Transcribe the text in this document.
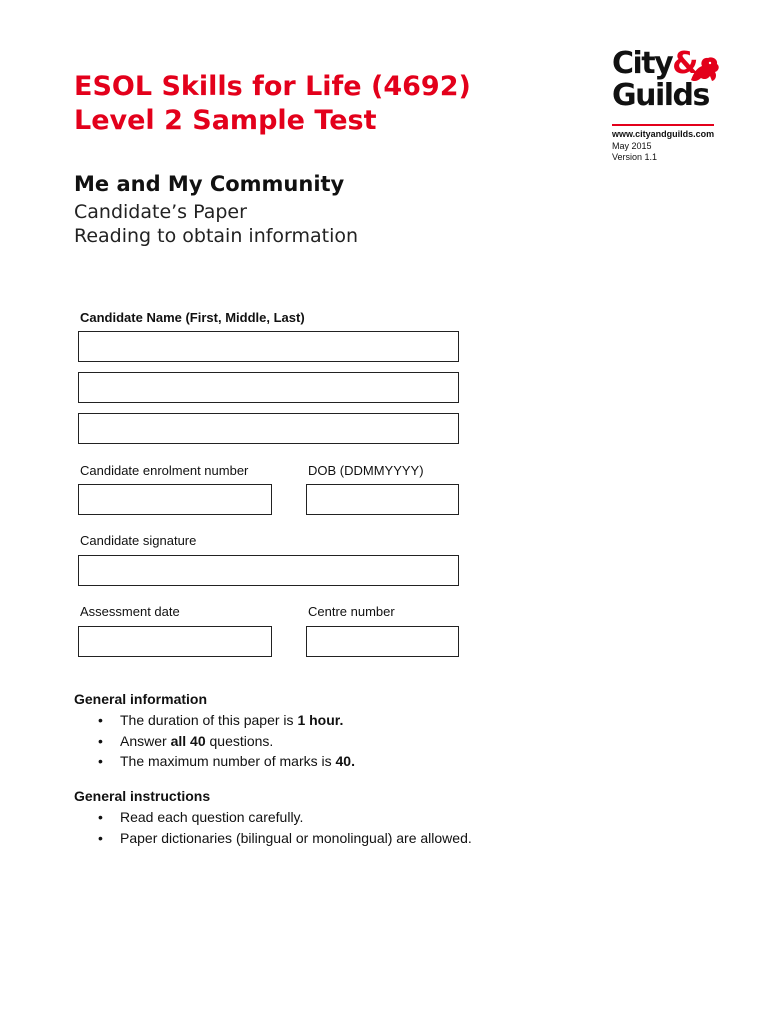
ESOL Skills for Life (4692)
Level 2 Sample Test
City&
Guilds
www.cityandguilds.com
May 2015
Version 1.1
Me and My Community
Candidate’s Paper
Reading to obtain information
Candidate Name (First, Middle, Last)
Candidate enrolment number	DOB (DDMMYYYY)
Candidate signature
Assessment date	Centre number
General information
• The duration of this paper is 1 hour.
• Answer all 40 questions.
• The maximum number of marks is 40.
General instructions
• Read each question carefully.
• Paper dictionaries (bilingual or monolingual) are allowed.
